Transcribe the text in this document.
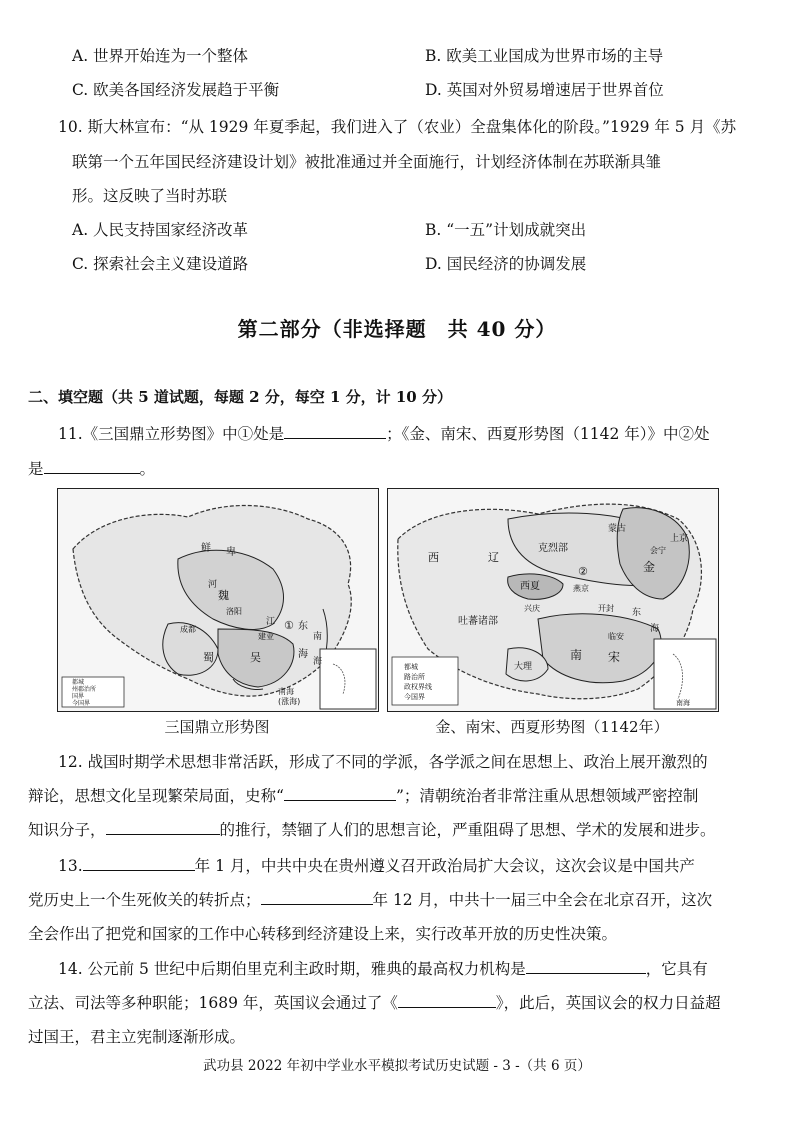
A. 世界开始连为一个整体	B. 欧美工业国成为世界市场的主导
C. 欧美各国经济发展趋于平衡	D. 英国对外贸易增速居于世界首位
10. 斯大林宣布：“从 1929 年夏季起，我们进入了（农业）全盘集体化的阶段。”1929 年 5 月《苏
联第一个五年国民经济建设计划》被批准通过并全面施行，计划经济体制在苏联渐具雏
形。这反映了当时苏联
A. 人民支持国家经济改革	B. “一五”计划成就突出
C. 探索社会主义建设道路	D. 国民经济的协调发展
第二部分（非选择题　共 40 分）
二、填空题（共 5 道试题，每题 2 分，每空 1 分，计 10 分）
11.《三国鼎立形势图》中①处是	；《金、南宋、西夏形势图（1142 年）》中②处
是	。
鲜 卑
魏
河
洛阳
成都
蜀	吴
建业
江 东
海
①
南
海
南海
(涨海)
都城
州郡治所
国界
今国界
三国鼎立形势图
西	辽
克烈部
蒙古
上京
金
会宁
西夏
兴庆
燕京
东
开封
吐蕃诸部
临安
南 宋
大理
海
②
南海
都城
路治所
政权界线
今国界
金、南宋、西夏形势图（1142年）
12. 战国时期学术思想非常活跃，形成了不同的学派，各学派之间在思想上、政治上展开激烈的
辩论，思想文化呈现繁荣局面，史称“	”；清朝统治者非常注重从思想领域严密控制
知识分子，	的推行，禁锢了人们的思想言论，严重阻碍了思想、学术的发展和进步。
13.	年 1 月，中共中央在贵州遵义召开政治局扩大会议，这次会议是中国共产
党历史上一个生死攸关的转折点；	年 12 月，中共十一届三中全会在北京召开，这次
全会作出了把党和国家的工作中心转移到经济建设上来，实行改革开放的历史性决策。
14. 公元前 5 世纪中后期伯里克利主政时期，雅典的最高权力机构是	，它具有
立法、司法等多种职能；1689 年，英国议会通过了《	》，此后，英国议会的权力日益超
过国王，君主立宪制逐渐形成。
武功县 2022 年初中学业水平模拟考试历史试题 - 3 -（共 6 页）
